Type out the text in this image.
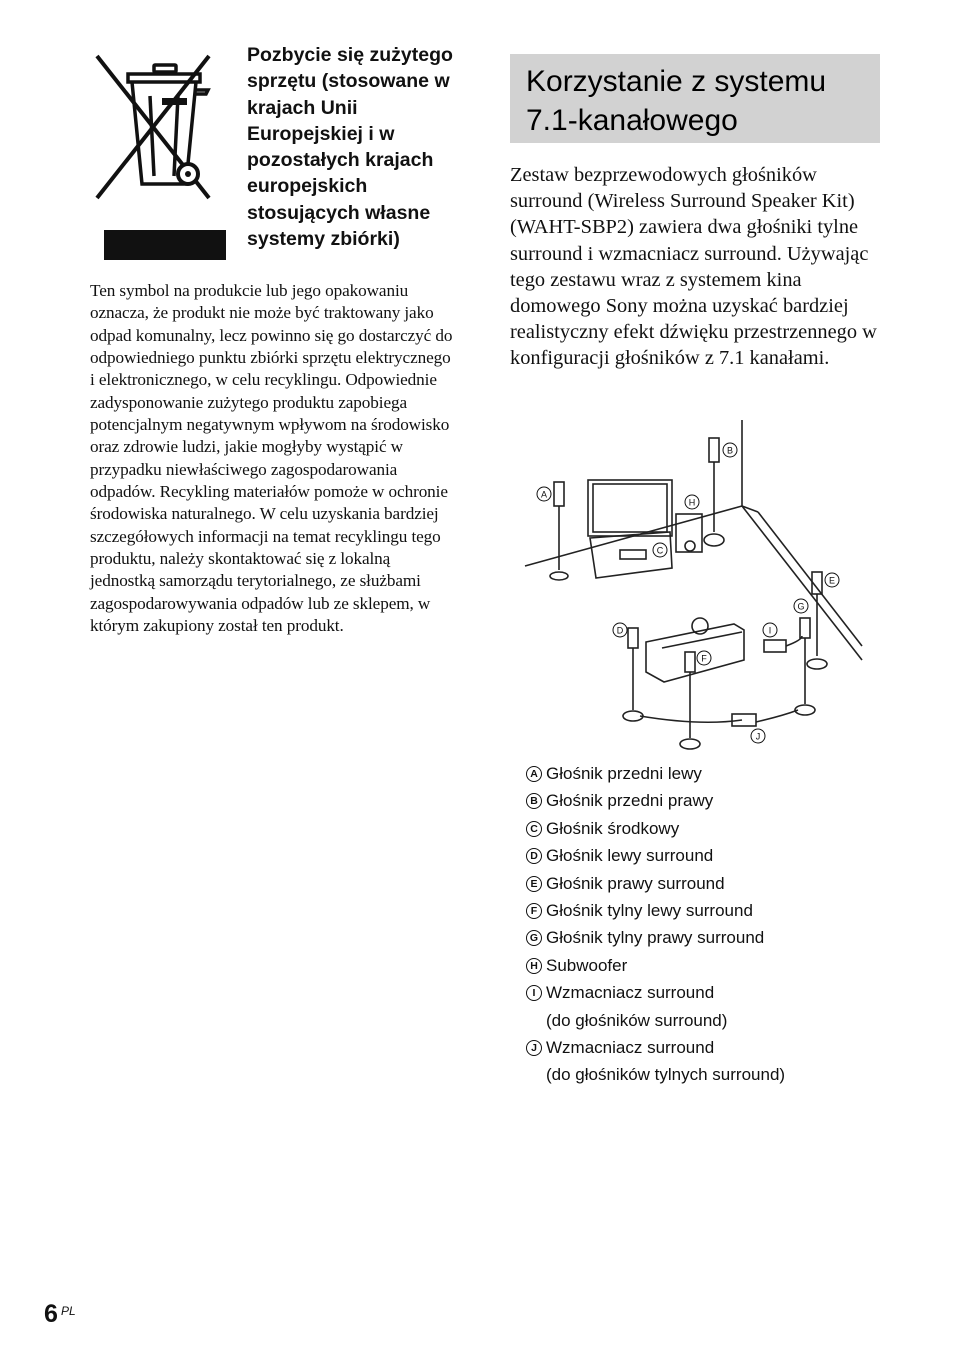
Pozbycie się zużytego sprzętu (stosowane w krajach Unii Europejskiej i w pozostałych krajach europejskich stosujących własne systemy zbiórki)

Ten symbol na produkcie lub jego opakowaniu oznacza, że produkt nie może być traktowany jako odpad komunalny, lecz powinno się go dostarczyć do odpowiedniego punktu zbiórki sprzętu elektrycznego i elektronicznego, w celu recyklingu. Odpowiednie zadysponowanie zużytego produktu zapobiega potencjalnym negatywnym wpływom na środowisko oraz zdrowie ludzi, jakie mogłyby wystąpić w przypadku niewłaściwego zagospodarowania odpadów. Recykling materiałów pomoże w ochronie środowiska naturalnego. W celu uzyskania bardziej szczegółowych informacji na temat recyklingu tego produktu, należy skontaktować się z lokalną jednostką samorządu terytorialnego, ze służbami zagospodarowywania odpadów lub ze sklepem, w którym zakupiony został ten produkt.

Korzystanie z systemu 7.1-kanałowego

Zestaw bezprzewodowych głośników surround (Wireless Surround Speaker Kit) (WAHT-SBP2) zawiera dwa głośniki tylne surround i wzmacniacz surround. Używając tego zestawu wraz z systemem kina domowego Sony można uzyskać bardziej realistyczny efekt dźwięku przestrzennego w konfiguracji głośników z 7.1 kanałami.

A
B
C
D
E
F
G
H
I
J
A Głośnik przedni lewy
B Głośnik przedni prawy
C Głośnik środkowy
D Głośnik lewy surround
E Głośnik prawy surround
F Głośnik tylny lewy surround
G Głośnik tylny prawy surround
H Subwoofer
I Wzmacniacz surround
(do głośników surround)
J Wzmacniacz surround
(do głośników tylnych surround)
6 PL
